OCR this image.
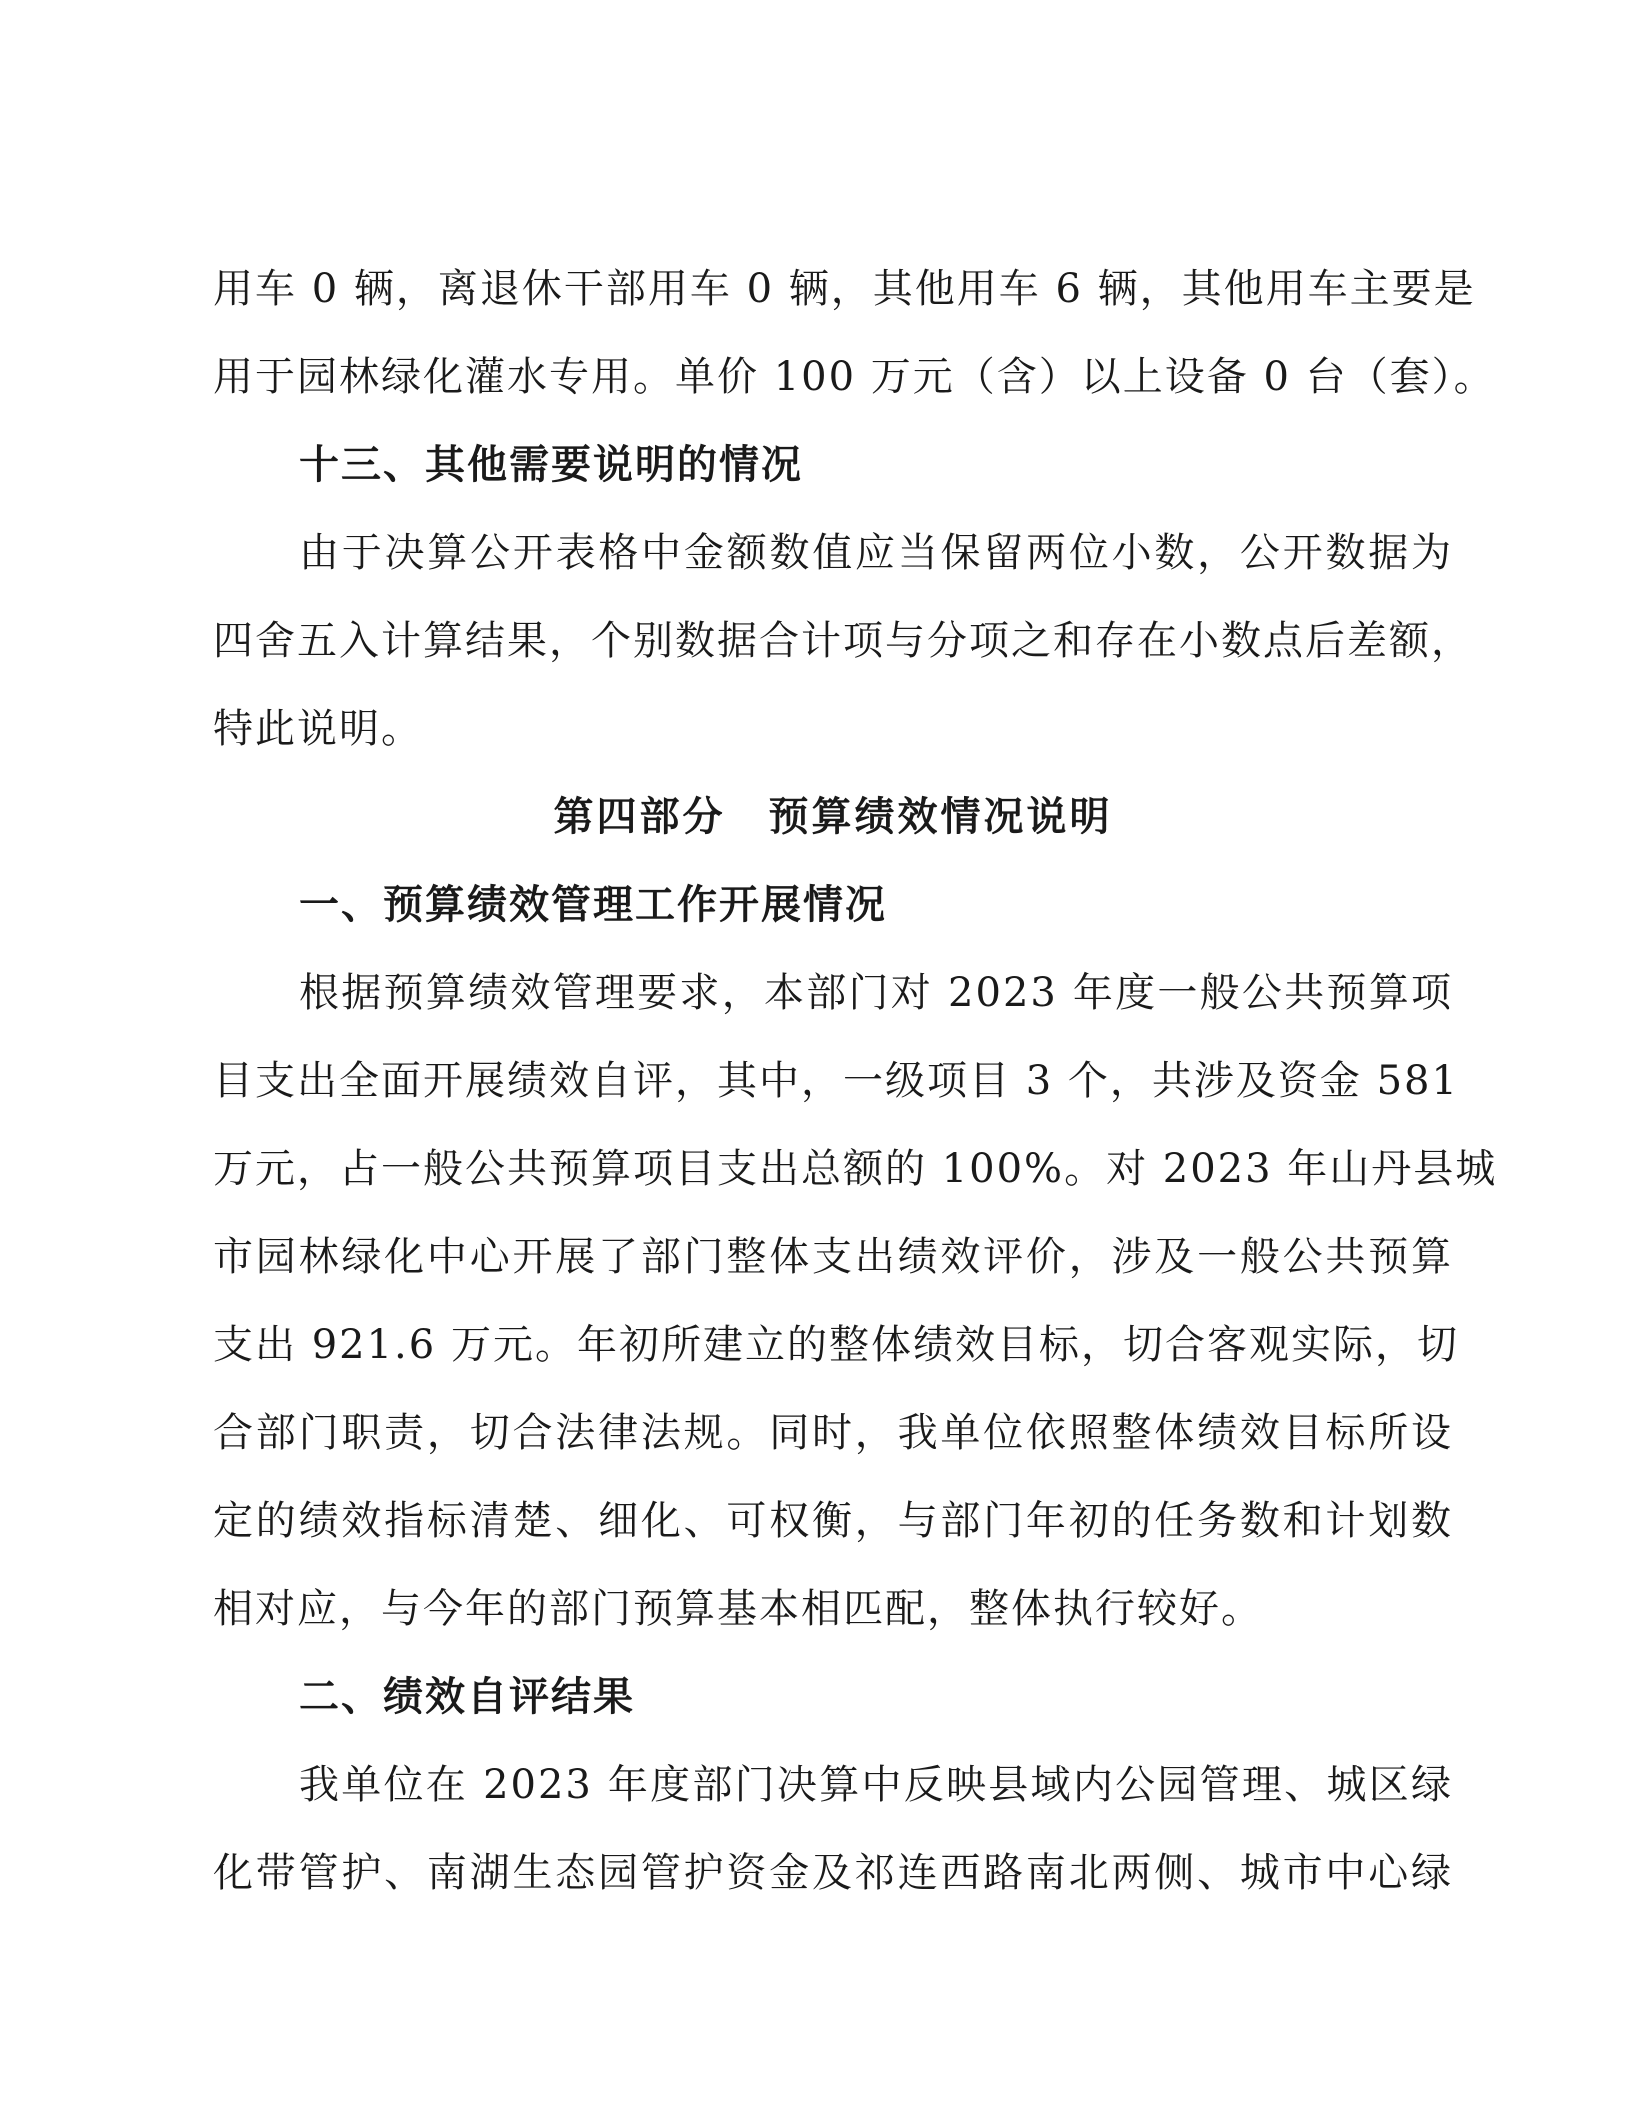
用车 0 辆，离退休干部用车 0 辆，其他用车 6 辆，其他用车主要是
用于园林绿化灌水专用。单价 100 万元（含）以上设备 0 台（套）。
十三、其他需要说明的情况
由于决算公开表格中金额数值应当保留两位小数，公开数据为
四舍五入计算结果，个别数据合计项与分项之和存在小数点后差额，
特此说明。
第四部分　预算绩效情况说明
一、预算绩效管理工作开展情况
根据预算绩效管理要求，本部门对 2023 年度一般公共预算项
目支出全面开展绩效自评，其中，一级项目 3 个，共涉及资金 581
万元，占一般公共预算项目支出总额的 100%。对 2023 年山丹县城
市园林绿化中心开展了部门整体支出绩效评价，涉及一般公共预算
支出 921.6 万元。年初所建立的整体绩效目标，切合客观实际，切
合部门职责，切合法律法规。同时，我单位依照整体绩效目标所设
定的绩效指标清楚、细化、可权衡，与部门年初的任务数和计划数
相对应，与今年的部门预算基本相匹配，整体执行较好。
二、绩效自评结果
我单位在 2023 年度部门决算中反映县域内公园管理、城区绿
化带管护、南湖生态园管护资金及祁连西路南北两侧、城市中心绿
